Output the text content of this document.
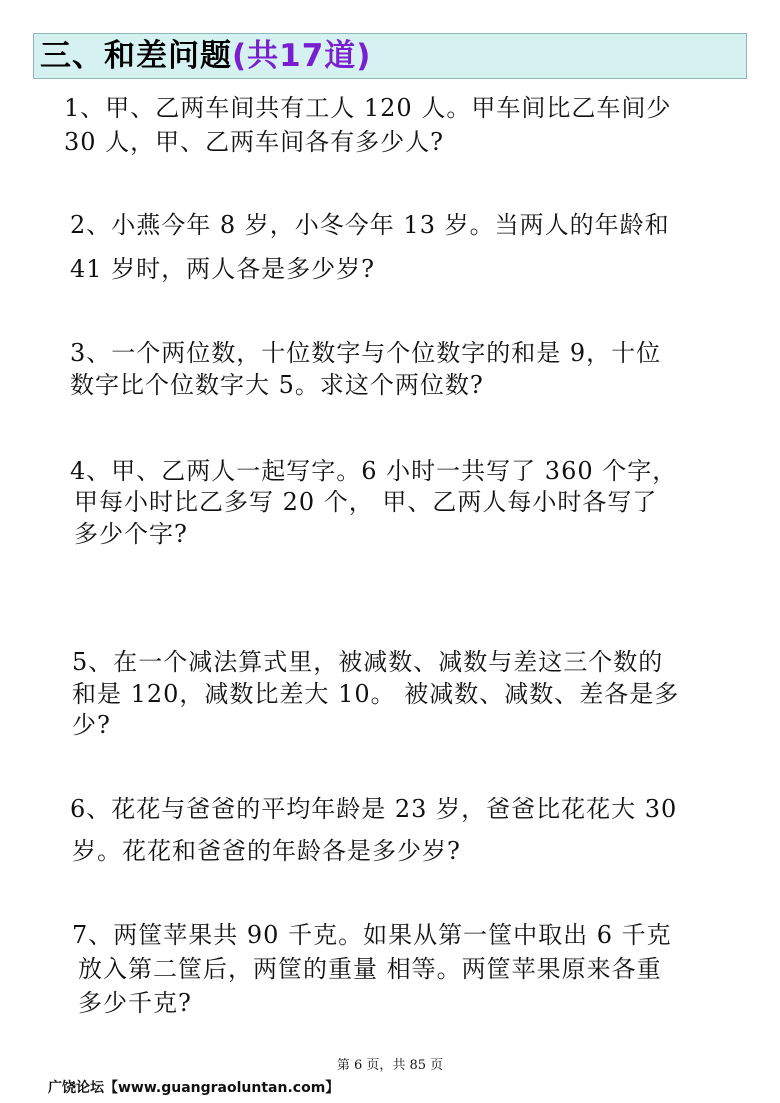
三、和差问题(共17道)
1、甲、乙两车间共有工人 120 人。甲车间比乙车间少
30 人，甲、乙两车间各有多少人?
2、小燕今年 8 岁，小冬今年 13 岁。当两人的年龄和
41 岁时，两人各是多少岁?
3、一个两位数，十位数字与个位数字的和是 9，十位
数字比个位数字大 5。求这个两位数?
4、甲、乙两人一起写字。6 小时一共写了 360 个字，
甲每小时比乙多写 20 个， 甲、乙两人每小时各写了
多少个字?
5、在一个减法算式里，被减数、减数与差这三个数的
和是 120，减数比差大 10。 被减数、减数、差各是多
少?
6、花花与爸爸的平均年龄是 23 岁，爸爸比花花大 30
岁。花花和爸爸的年龄各是多少岁?
7、两筐苹果共 90 千克。如果从第一筐中取出 6 千克
放入第二筐后，两筐的重量 相等。两筐苹果原来各重
多少千克?
第 6 页，共 85 页
广饶论坛【www.guangraoluntan.com】
